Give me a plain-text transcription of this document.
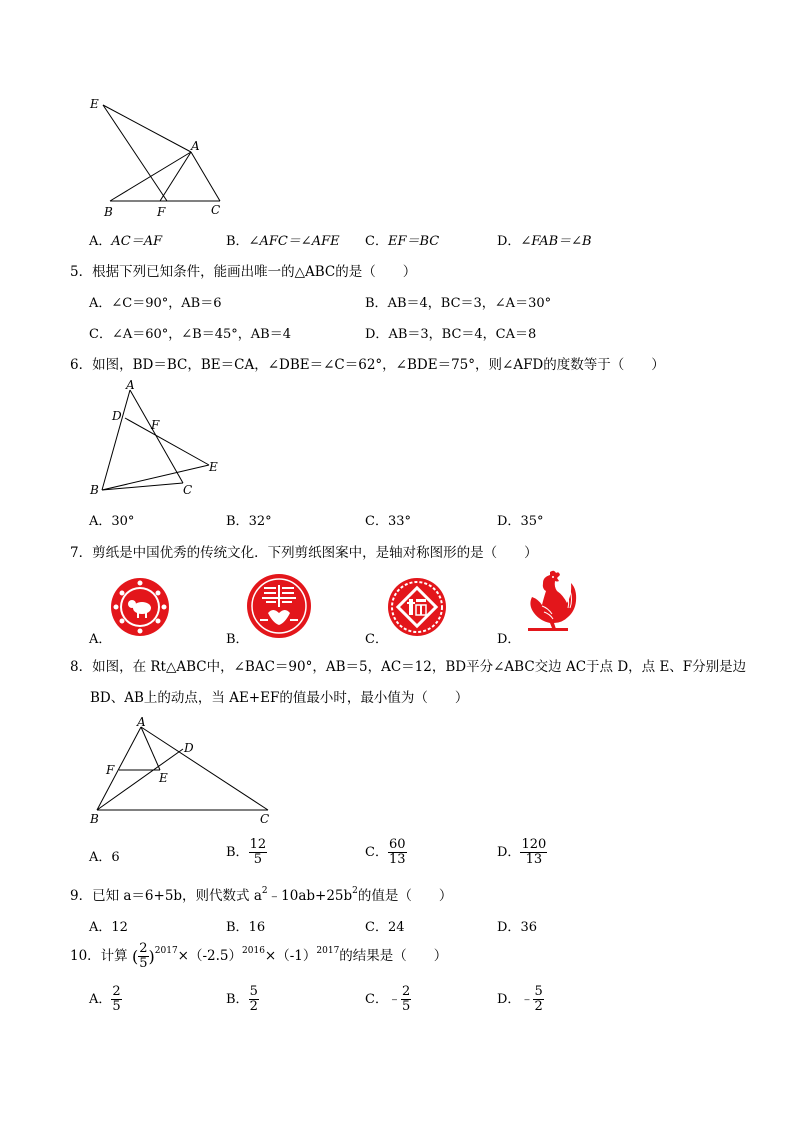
E
A
B	F	C
A．AC＝AF	B．∠AFC＝∠AFE C．EF＝BC	D．∠FAB＝∠B
5．根据下列已知条件，能画出唯一的△ABC的是（　　）
A．∠C＝90°，AB＝6	B．AB＝4，BC＝3，∠A＝30°
C．∠A＝60°，∠B＝45°，AB＝4	D．AB＝3，BC＝4，CA＝8
6．如图，BD＝BC，BE＝CA，∠DBE＝∠C＝62°，∠BDE＝75°，则∠AFD的度数等于（　　）
A
D
F
E
B	C
A．30°	B．32°	C．33°	D．35°
7．剪纸是中国优秀的传统文化．下列剪纸图案中，是轴对称图形的是（　　）
A．	B．	C．	D．
8．如图，在 Rt△ABC中，∠BAC＝90°，AB＝5，AC＝12，BD平分∠ABC交边 AC于点 D，点 E、F分别是边
BD、AB上的动点，当 AE+EF的值最小时，最小值为（　　）
A
D
F
E
B	C
A．6	B． $\frac{12}{5}$	C． $\frac{60}{13}$	D． $\frac{120}{13}$
9．已知 a＝6+5b，则代数式 $a^2﹣10ab+25b^2$的值是（　　）
A．12	B．16	C．24	D．36
10．计算 ( $\frac{2}{5} )^{2017}\times(-2.5)^{2016}\times(-1)^{2017}$的结果是（　　）
A． $\frac{2}{5}$	B． $\frac{5}{2}$	C．﹣ $\frac{2}{5}$	D．﹣ $\frac{5}{2}$
